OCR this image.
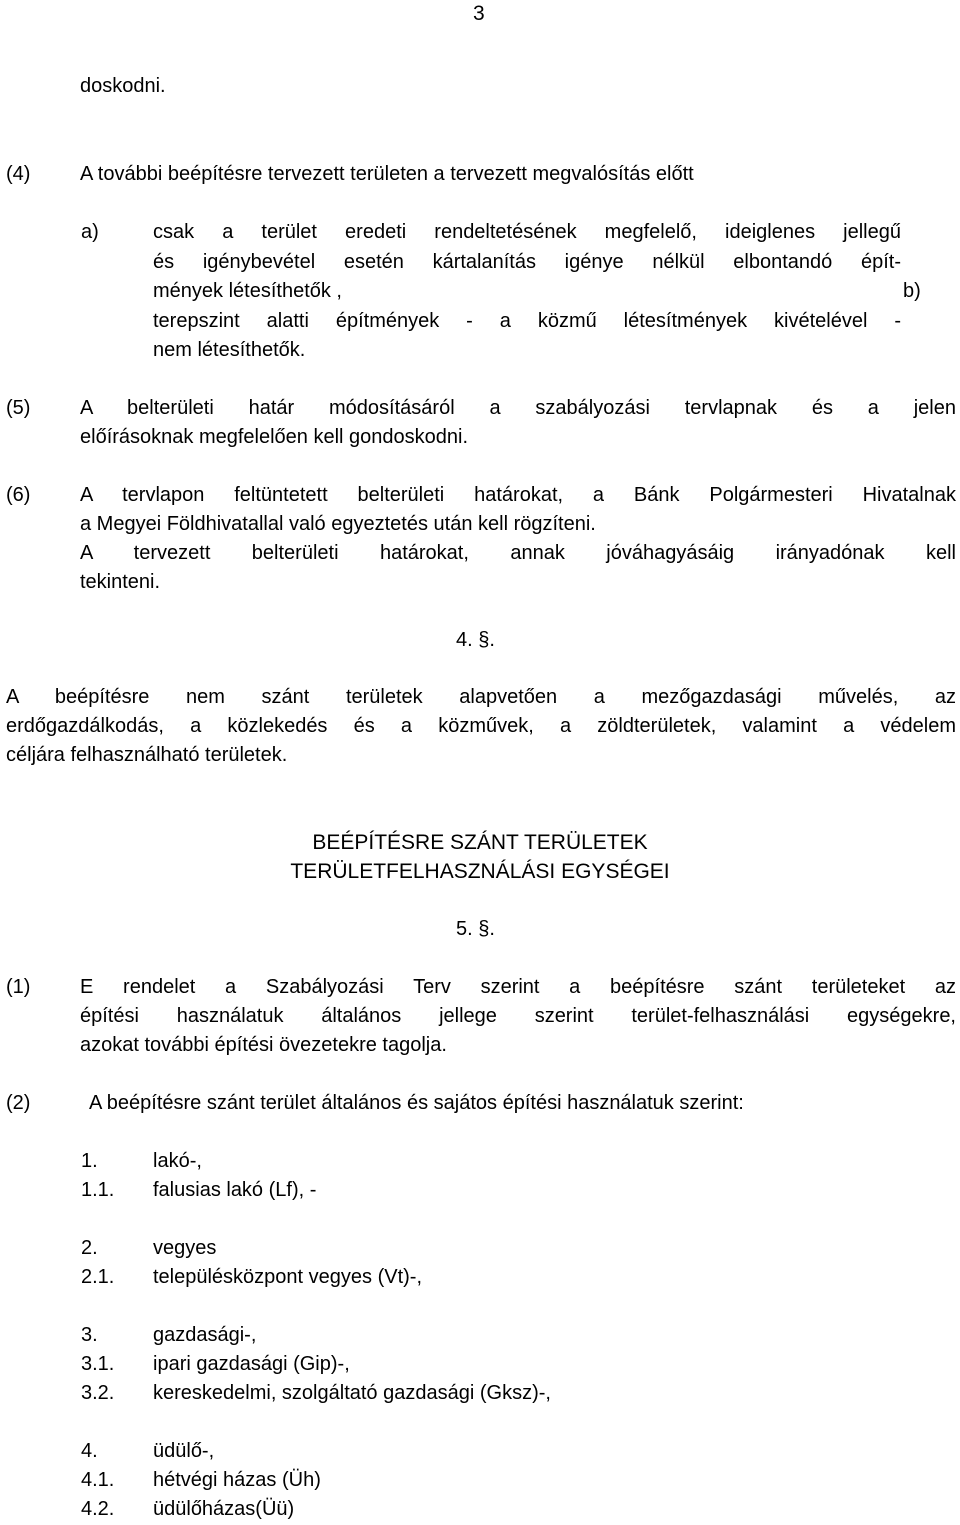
3
doskodni.
(4) A további beépítésre tervezett területen a tervezett megvalósítás előtt
a)	csak a terület eredeti rendeltetésének megfelelő, ideiglenes jellegű
és igénybevétel esetén kártalanítás igénye nélkül elbontandó épít-
mények létesíthetők ,	b)
terepszint alatti építmények - a közmű létesítmények kivételével -
nem létesíthetők.
(5) A belterületi határ módosításáról a szabályozási tervlapnak és a jelen
előírásoknak megfelelően kell gondoskodni.
(6) A tervlapon feltüntetett belterületi határokat, a Bánk Polgármesteri Hivatalnak
a Megyei Földhivatallal való egyeztetés után kell rögzíteni.
A tervezett belterületi határokat, annak jóváhagyásáig irányadónak kell
tekinteni.
4. §.
A beépítésre nem szánt területek alapvetően a mezőgazdasági művelés, az
erdőgazdálkodás, a közlekedés és a közművek, a zöldterületek, valamint a védelem
céljára felhasználható területek.
BEÉPÍTÉSRE SZÁNT TERÜLETEK
TERÜLETFELHASZNÁLÁSI EGYSÉGEI
5. §.
(1) E rendelet a Szabályozási Terv szerint a beépítésre szánt területeket az
építési használatuk általános jellege szerint terület-felhasználási egységekre,
azokat további építési övezetekre tagolja.
(2)	A beépítésre szánt terület általános és sajátos építési használatuk szerint:
1.	lakó-,
1.1. falusias lakó (Lf), -
2.	vegyes
2.1. településközpont vegyes (Vt)-,
3.	gazdasági-,
3.1. ipari gazdasági (Gip)-,
3.2. kereskedelmi, szolgáltató gazdasági (Gksz)-,
4.	üdülő-,
4.1. hétvégi házas (Üh)
4.2. üdülőházas(Üü)
